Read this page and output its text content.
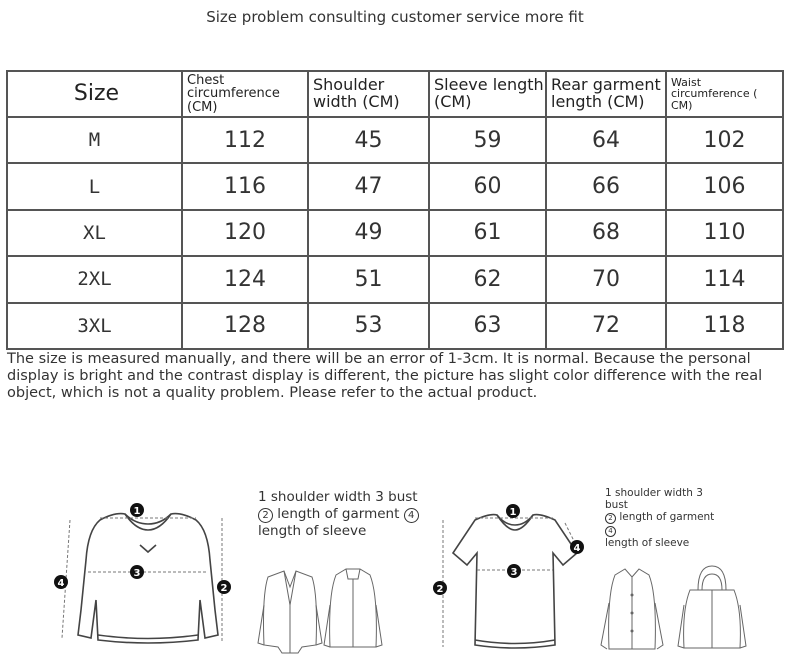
Size problem consulting customer service more fit
Size	Chest circumference (CM)	Shoulder width (CM)	Sleeve length (CM)	Rear garment length (CM)	Waist circumference ( CM)
M	112	45	59	64	102
L	116	47	60	66	106
XL	120	49	61	68	110
2XL	124	51	62	70	114
3XL	128	53	63	72	118
The size is measured manually, and there will be an error of 1-3cm. It is normal. Because the personal display is bright and the contrast display is different, the picture has slight color difference with the real object, which is not a quality problem. Please refer to the actual product.
1
3
2
4
1 shoulder width 3 bust
2 length of garment 4
length of sleeve
1
3
2
4
1 shoulder width 3 bust
2 length of garment 4
length of sleeve
